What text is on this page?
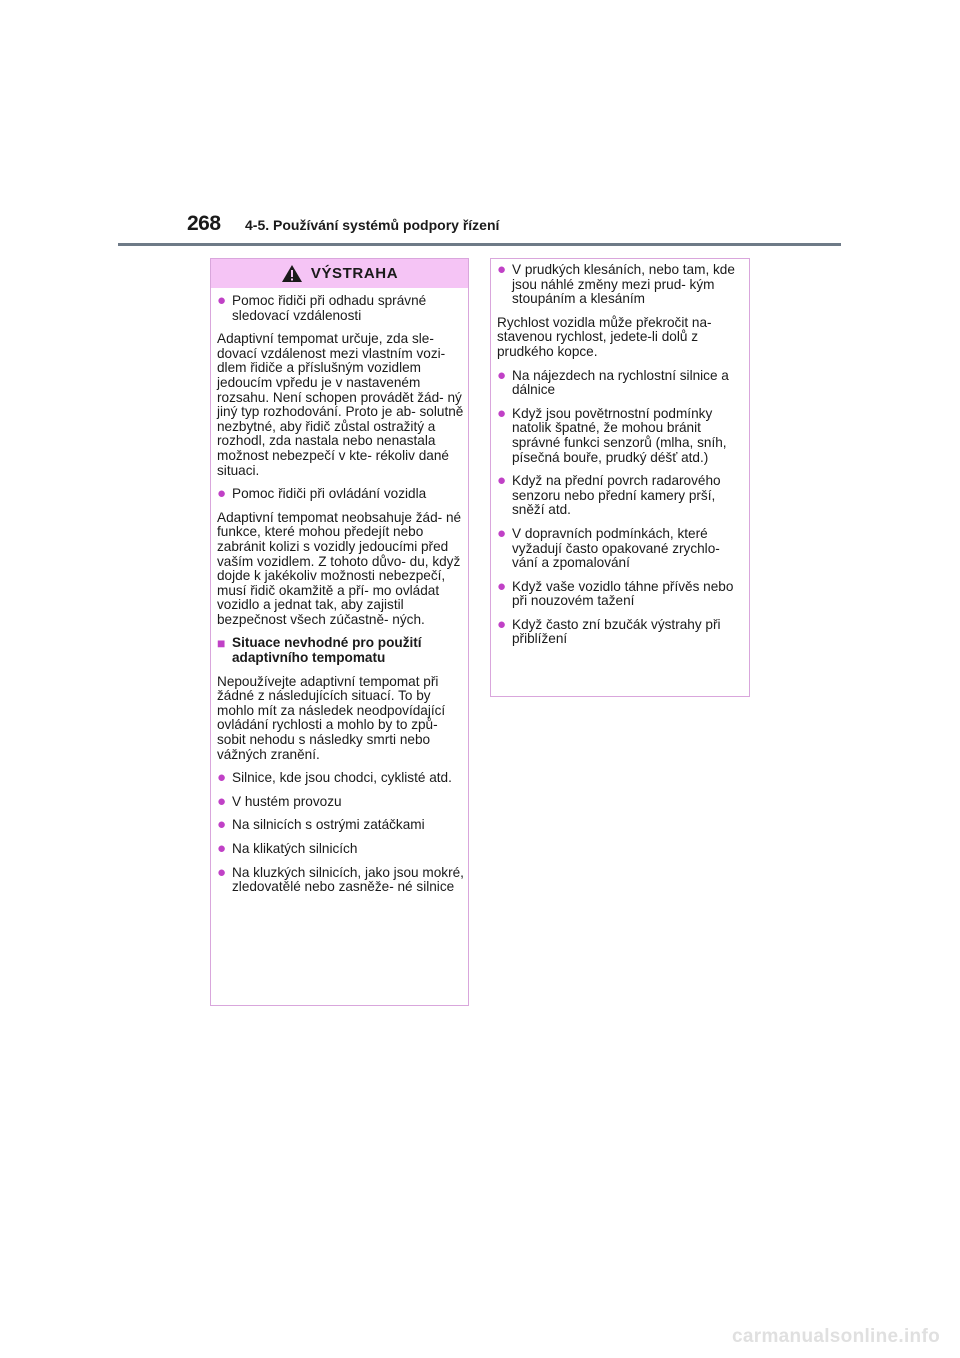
268 4-5. Používání systémů podpory řízení
VÝSTRAHA
● Pomoc řidiči při odhadu správné sledovací vzdálenosti

Adaptivní tempomat určuje, zda sle- dovací vzdálenost mezi vlastním vozi- dlem řidiče a příslušným vozidlem jedoucím vpředu je v nastaveném rozsahu. Není schopen provádět žád- ný jiný typ rozhodování. Proto je ab- solutně nezbytné, aby řidič zůstal ostražitý a rozhodl, zda nastala nebo nenastala možnost nebezpečí v kte- rékoliv dané situaci.

● Pomoc řidiči při ovládání vozidla

Adaptivní tempomat neobsahuje žád- né funkce, které mohou předejít nebo zabránit kolizi s vozidly jedoucími před vaším vozidlem. Z tohoto důvo- du, když dojde k jakékoliv možnosti nebezpečí, musí řidič okamžitě a pří- mo ovládat vozidlo a jednat tak, aby zajistil bezpečnost všech zúčastně- ných.

■ Situace nevhodné pro použití adaptivního tempomatu

Nepoužívejte adaptivní tempomat při žádné z následujících situací. To by mohlo mít za následek neodpovídající ovládání rychlosti a mohlo by to způ- sobit nehodu s následky smrti nebo vážných zranění.

● Silnice, kde jsou chodci, cyklisté atd.
● V hustém provozu
● Na silnicích s ostrými zatáčkami
● Na klikatých silnicích
● Na kluzkých silnicích, jako jsou mokré, zledovatělé nebo zasněže- né silnice
● V prudkých klesáních, nebo tam, kde jsou náhlé změny mezi prud- kým stoupáním a klesáním

Rychlost vozidla může překročit na- stavenou rychlost, jedete-li dolů z prudkého kopce.

● Na nájezdech na rychlostní silnice a dálnice
● Když jsou povětrnostní podmínky natolik špatné, že mohou bránit správné funkci senzorů (mlha, sníh, písečná bouře, prudký déšť atd.)
● Když na přední povrch radarového senzoru nebo přední kamery prší, sněží atd.
● V dopravních podmínkách, které vyžadují často opakované zrychlo- vání a zpomalování
● Když vaše vozidlo táhne přívěs nebo při nouzovém tažení
● Když často zní bzučák výstrahy při přiblížení
carmanualsonline.info
